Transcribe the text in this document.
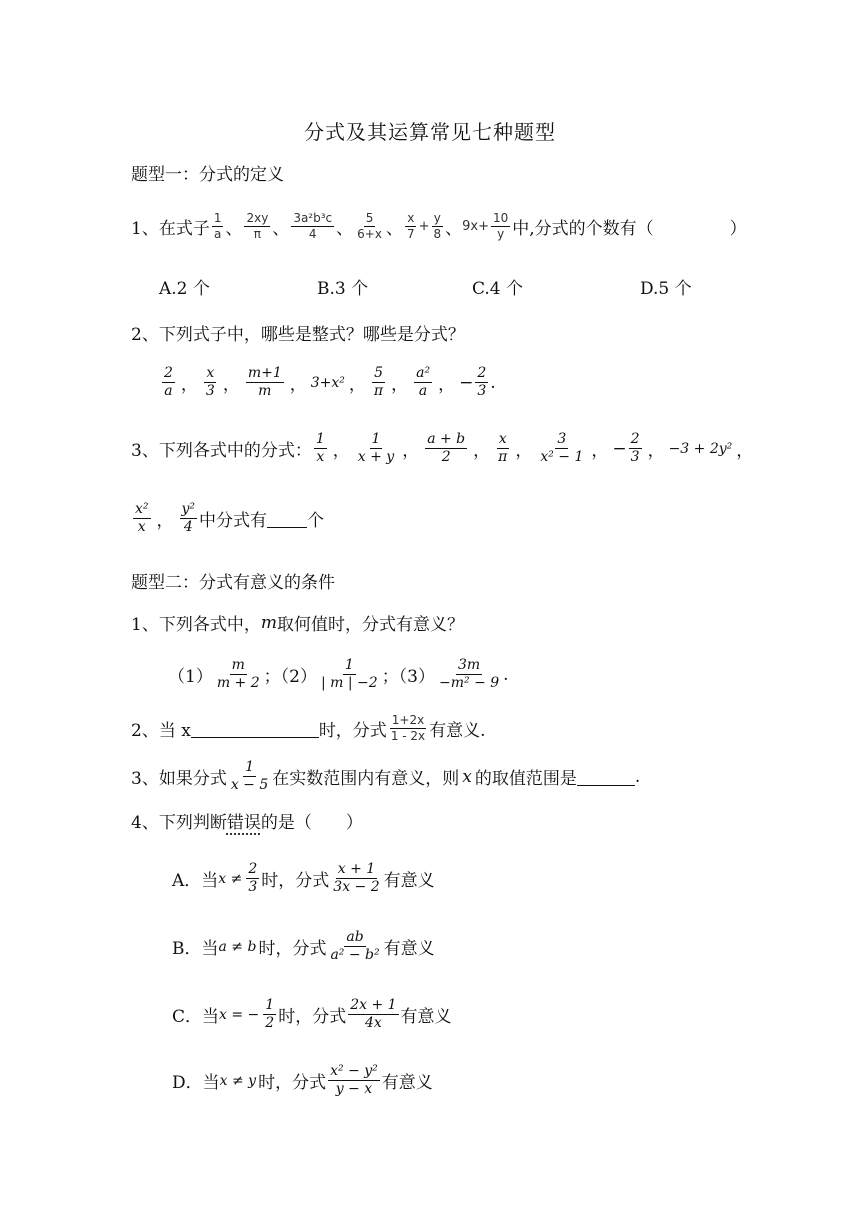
分式及其运算常见七种题型
题型一：分式的定义
1、在式子 $\frac{1}{a}$ 、 $\frac{2xy}{\pi}$ 、 $\frac{\text{3a²b³c}}{4}$ 、 $\frac{5}{6+x}$ 、 $\frac{x}{7} + \frac{y}{8}$ 、 $9x+ \frac{10}{y}$ 中,分式的个数有（	）
A.2 个	B.3 个	C.4 个	D.5 个
2、下列式子中，哪些是整式？哪些是分式？
$\frac{2}{a}$ ， $\frac{x}{3}$ ， $\frac{m+1}{m}$ ， 3+x² ， $\frac{5}{\pi}$ ， $\frac{\text{a²}}{a}$ ， − $\frac{2}{3}$ .
3、下列各式中的分式： $\frac{1}{x}$ ， $\frac{1}{x + y}$ ， $\frac{a + b}{2}$ ， $\frac{x}{\pi}$ ， $\frac{3}{\text{x² − 1}}$ ， − $\frac{2}{3}$ ， −3 + 2y² ，
$\frac{\text{x²}}{x}$ ， $\frac{\text{y²}}{4}$ 中分式有 个
题型二：分式有意义的条件
1、下列各式中， m 取何值时，分式有意义？
$(1) \frac{m}{m + 2}$ ；$(2) \frac{1}{| m | -2}$ ；$(3) \frac{3m}{\text{−m² − 9}}$ .
2、当 x	时，分式 $\frac{1+2x}{1 - 2x}$ 有意义.
3、如果分式 $\frac{1}{x - 5}$ 在实数范围内有意义，则 x 的取值范围是	.
4、下列判断 错误 的是（　　）
A．当 $x \ne \frac{2}{3}$ 时，分式 $\frac{x + 1}{3x - 2}$ 有意义
B．当 a ≠ b 时，分式 $\frac{ab}{\text{a² − b²}}$ 有意义
C．当 x = − $\frac{1}{2}$ 时，分式 $\frac{2x + 1}{4x}$ 有意义
D．当 x ≠ y 时，分式 $\frac{\text{x² − y²}}{y - x}$ 有意义
